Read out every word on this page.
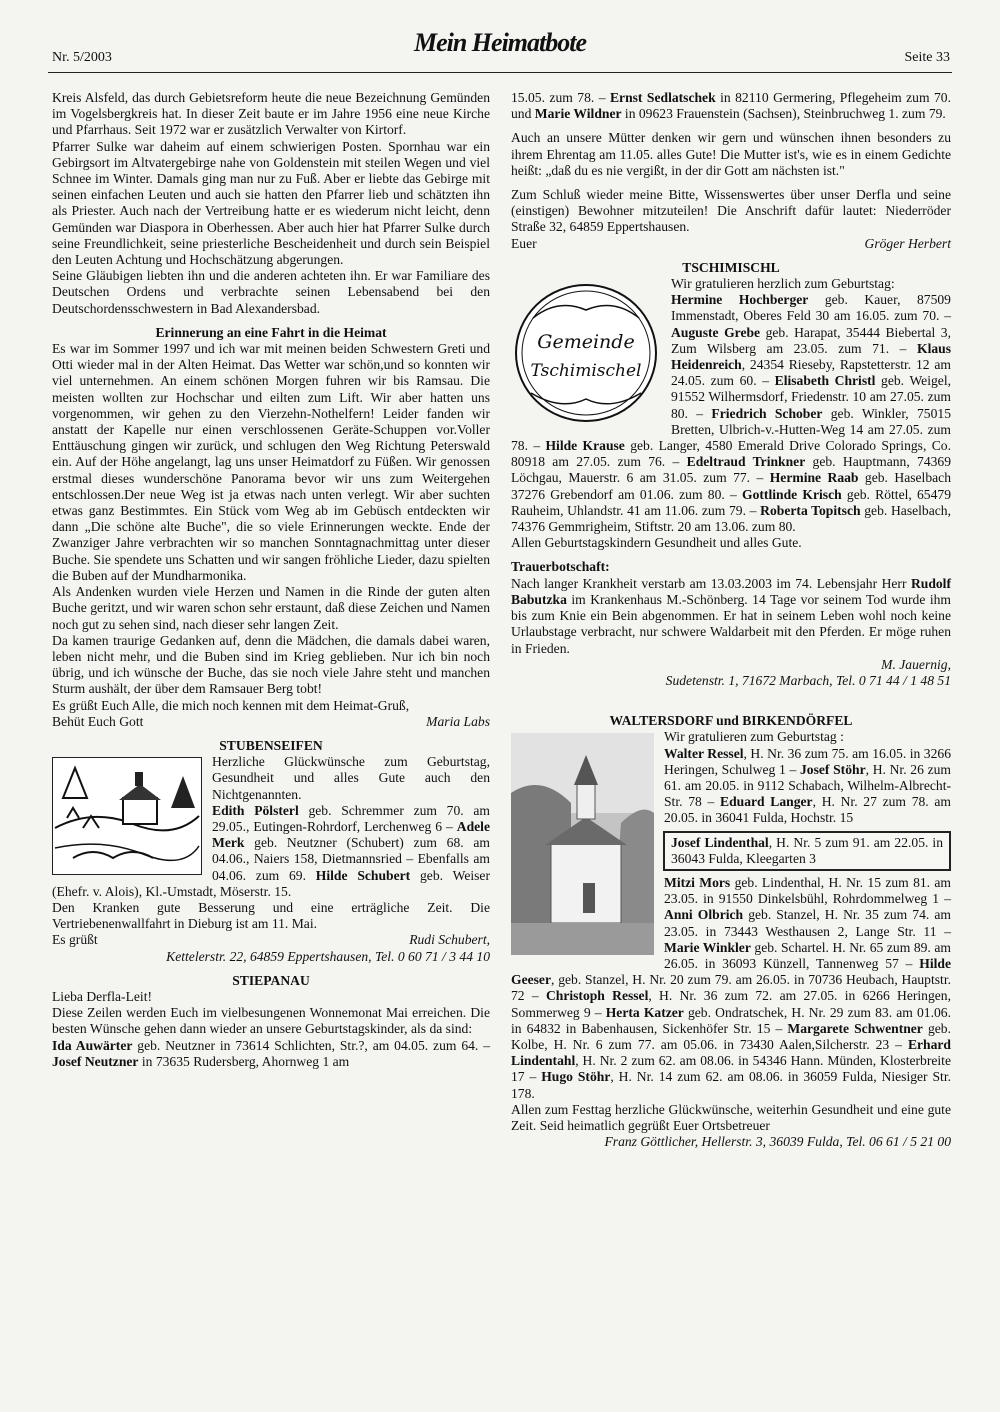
Nr. 5/2003
Mein Heimatbote
Seite 33

Kreis Alsfeld, das durch Gebietsreform heute die neue Bezeichnung Gemünden im Vogelsbergkreis hat. In dieser Zeit baute er im Jahre 1956 eine neue Kirche und Pfarrhaus. Seit 1972 war er zusätzlich Verwalter von Kirtorf.

Pfarrer Sulke war daheim auf einem schwierigen Posten. Spornhau war ein Gebirgsort im Altvatergebirge nahe von Goldenstein mit steilen Wegen und viel Schnee im Winter. Damals ging man nur zu Fuß. Aber er liebte das Gebirge mit seinen einfachen Leuten und auch sie hatten den Pfarrer lieb und schätzten ihn als Priester. Auch nach der Vertreibung hatte er es wiederum nicht leicht, denn Gemünden war Diaspora in Oberhessen. Aber auch hier hat Pfarrer Sulke durch seine Freundlichkeit, seine priesterliche Bescheidenheit und durch sein Beispiel den Leuten Achtung und Hochschätzung abgerungen.

Seine Gläubigen liebten ihn und die anderen achteten ihn. Er war Familiare des Deutschen Ordens und verbrachte seinen Lebensabend bei den Deutschordensschwestern in Bad Alexandersbad.

Erinnerung an eine Fahrt in die Heimat

Es war im Sommer 1997 und ich war mit meinen beiden Schwestern Greti und Otti wieder mal in der Alten Heimat. Das Wetter war schön,und so konnten wir viel unternehmen. An einem schönen Morgen fuhren wir bis Ramsau. Die meisten wollten zur Hochschar und eilten zum Lift. Wir aber hatten uns vorgenommen, wir gehen zu den Vierzehn-Nothelfern! Leider fanden wir anstatt der Kapelle nur einen verschlossenen Geräte-Schuppen vor.Voller Enttäuschung gingen wir zurück, und schlugen den Weg Richtung Peterswald ein. Auf der Höhe angelangt, lag uns unser Heimatdorf zu Füßen. Wir genossen erstmal dieses wunderschöne Panorama bevor wir uns zum Weitergehen entschlossen.Der neue Weg ist ja etwas nach unten verlegt. Wir aber suchten etwas ganz Bestimmtes. Ein Stück vom Weg ab im Gebüsch entdeckten wir dann „Die schöne alte Buche", die so viele Erinnerungen weckte. Ende der Zwanziger Jahre verbrachten wir so manchen Sonntagnachmittag unter dieser Buche. Sie spendete uns Schatten und wir sangen fröhliche Lieder, dazu spielten die Buben auf der Mundharmonika.

Als Andenken wurden viele Herzen und Namen in die Rinde der guten alten Buche geritzt, und wir waren schon sehr erstaunt, daß diese Zeichen und Namen noch gut zu sehen sind, nach dieser sehr langen Zeit.

Da kamen traurige Gedanken auf, denn die Mädchen, die damals dabei waren, leben nicht mehr, und die Buben sind im Krieg geblieben. Nur ich bin noch übrig, und ich wünsche der Buche, das sie noch viele Jahre steht und manchen Sturm aushält, der über dem Ramsauer Berg tobt!

Es grüßt Euch Alle, die mich noch kennen mit dem Heimat-Gruß,

Behüt Euch Gott	Maria Labs

STUBENSEIFEN

Herzliche Glückwünsche zum Geburtstag, Gesundheit und alles Gute auch den Nichtgenannten.

Edith Pölsterl geb. Schremmer zum 70. am 29.05., Eutingen-Rohrdorf, Lerchenweg 6 – Adele Merk geb. Neutzner (Schubert) zum 68. am 04.06., Naiers 158, Dietmannsried – Ebenfalls am 04.06. zum 69. Hilde Schubert geb. Weiser (Ehefr. v. Alois), Kl.-Umstadt, Möserstr. 15.

Den Kranken gute Besserung und eine erträgliche Zeit. Die Vertriebenenwallfahrt in Dieburg ist am 11. Mai.

Es grüßt	Rudi Schubert,

Kettelerstr. 22, 64859 Eppertshausen, Tel. 0 60 71 / 3 44 10

STIEPANAU

Lieba Derfla-Leit!

Diese Zeilen werden Euch im vielbesungenen Wonnemonat Mai erreichen. Die besten Wünsche gehen dann wieder an unsere Geburtstagskinder, als da sind:

Ida Auwärter geb. Neutzner in 73614 Schlichten, Str.?, am 04.05. zum 64. – Josef Neutzner in 73635 Rudersberg, Ahornweg 1 am

15.05. zum 78. – Ernst Sedlatschek in 82110 Germering, Pflegeheim zum 70. und Marie Wildner in 09623 Frauenstein (Sachsen), Steinbruchweg 1. zum 79.

Auch an unsere Mütter denken wir gern und wünschen ihnen besonders zu ihrem Ehrentag am 11.05. alles Gute! Die Mutter ist's, wie es in einem Gedichte heißt: „daß du es nie vergißt, in der dir Gott am nächsten ist."

Zum Schluß wieder meine Bitte, Wissenswertes über unser Derfla und seine (einstigen) Bewohner mitzuteilen! Die Anschrift dafür lautet: Niederröder Straße 32, 64859 Eppertshausen.

Euer	Gröger Herbert

TSCHIMISCHL

Gemeinde
Tschimischel

Wir gratulieren herzlich zum Geburtstag:

Hermine Hochberger geb. Kauer, 87509 Immenstadt, Oberes Feld 30 am 16.05. zum 70. – Auguste Grebe geb. Harapat, 35444 Biebertal 3, Zum Wilsberg am 23.05. zum 71. – Klaus Heidenreich, 24354 Rieseby, Rapstetterstr. 12 am 24.05. zum 60. – Elisabeth Christl geb. Weigel, 91552 Wilhermsdorf, Friedenstr. 10 am 27.05. zum 80. – Friedrich Schober geb. Winkler, 75015 Bretten, Ulbrich-v.-Hutten-Weg 14 am 27.05. zum 78. – Hilde Krause geb. Langer, 4580 Emerald Drive Colorado Springs, Co. 80918 am 27.05. zum 76. – Edeltraud Trinkner geb. Hauptmann, 74369 Löchgau, Mauerstr. 6 am 31.05. zum 77. – Hermine Raab geb. Haselbach 37276 Grebendorf am 01.06. zum 80. – Gottlinde Krisch geb. Röttel, 65479 Rauheim, Uhlandstr. 41 am 11.06. zum 79. – Roberta Topitsch geb. Haselbach, 74376 Gemmrigheim, Stiftstr. 20 am 13.06. zum 80.

Allen Geburtstagskindern Gesundheit und alles Gute.

Trauerbotschaft:

Nach langer Krankheit verstarb am 13.03.2003 im 74. Lebensjahr Herr Rudolf Babutzka im Krankenhaus M.-Schönberg. 14 Tage vor seinem Tod wurde ihm bis zum Knie ein Bein abgenommen. Er hat in seinem Leben wohl noch keine Urlaubstage verbracht, nur schwere Waldarbeit mit den Pferden. Er möge ruhen in Frieden.

M. Jauernig,

Sudetenstr. 1, 71672 Marbach, Tel. 0 71 44 / 1 48 51

WALTERSDORF und BIRKENDÖRFEL

Wir gratulieren zum Geburtstag :

Walter Ressel, H. Nr. 36 zum 75. am 16.05. in 3266 Heringen, Schulweg 1 – Josef Stöhr, H. Nr. 26 zum 61. am 20.05. in 9112 Schabach, Wilhelm-Albrecht-Str. 78 – Eduard Langer, H. Nr. 27 zum 78. am 20.05. in 36041 Fulda, Hochstr. 15

Josef Lindenthal, H. Nr. 5 zum 91. am 22.05. in 36043 Fulda, Kleegarten 3

Mitzi Mors geb. Lindenthal, H. Nr. 15 zum 81. am 23.05. in 91550 Dinkelsbühl, Rohrdommelweg 1 – Anni Olbrich geb. Stanzel, H. Nr. 35 zum 74. am 23.05. in 73443 Westhausen 2, Lange Str. 11 – Marie Winkler geb. Schartel. H. Nr. 65 zum 89. am 26.05. in 36093 Künzell, Tannenweg 57 – Hilde Geeser, geb. Stanzel, H. Nr. 20 zum 79. am 26.05. in 70736 Heubach, Hauptstr. 72 – Christoph Ressel, H. Nr. 36 zum 72. am 27.05. in 6266 Heringen, Sommerweg 9 – Herta Katzer geb. Ondratschek, H. Nr. 29 zum 83. am 01.06. in 64832 in Babenhausen, Sickenhöfer Str. 15 – Margarete Schwentner geb. Kolbe, H. Nr. 6 zum 77. am 05.06. in 73430 Aalen,Silcherstr. 23 – Erhard Lindentahl, H. Nr. 2 zum 62. am 08.06. in 54346 Hann. Münden, Klosterbreite 17 – Hugo Stöhr, H. Nr. 14 zum 62. am 08.06. in 36059 Fulda, Niesiger Str. 178.

Allen zum Festtag herzliche Glückwünsche, weiterhin Gesundheit und eine gute Zeit. Seid heimatlich gegrüßt Euer Ortsbetreuer

Franz Göttlicher, Hellerstr. 3, 36039 Fulda, Tel. 06 61 / 5 21 00
